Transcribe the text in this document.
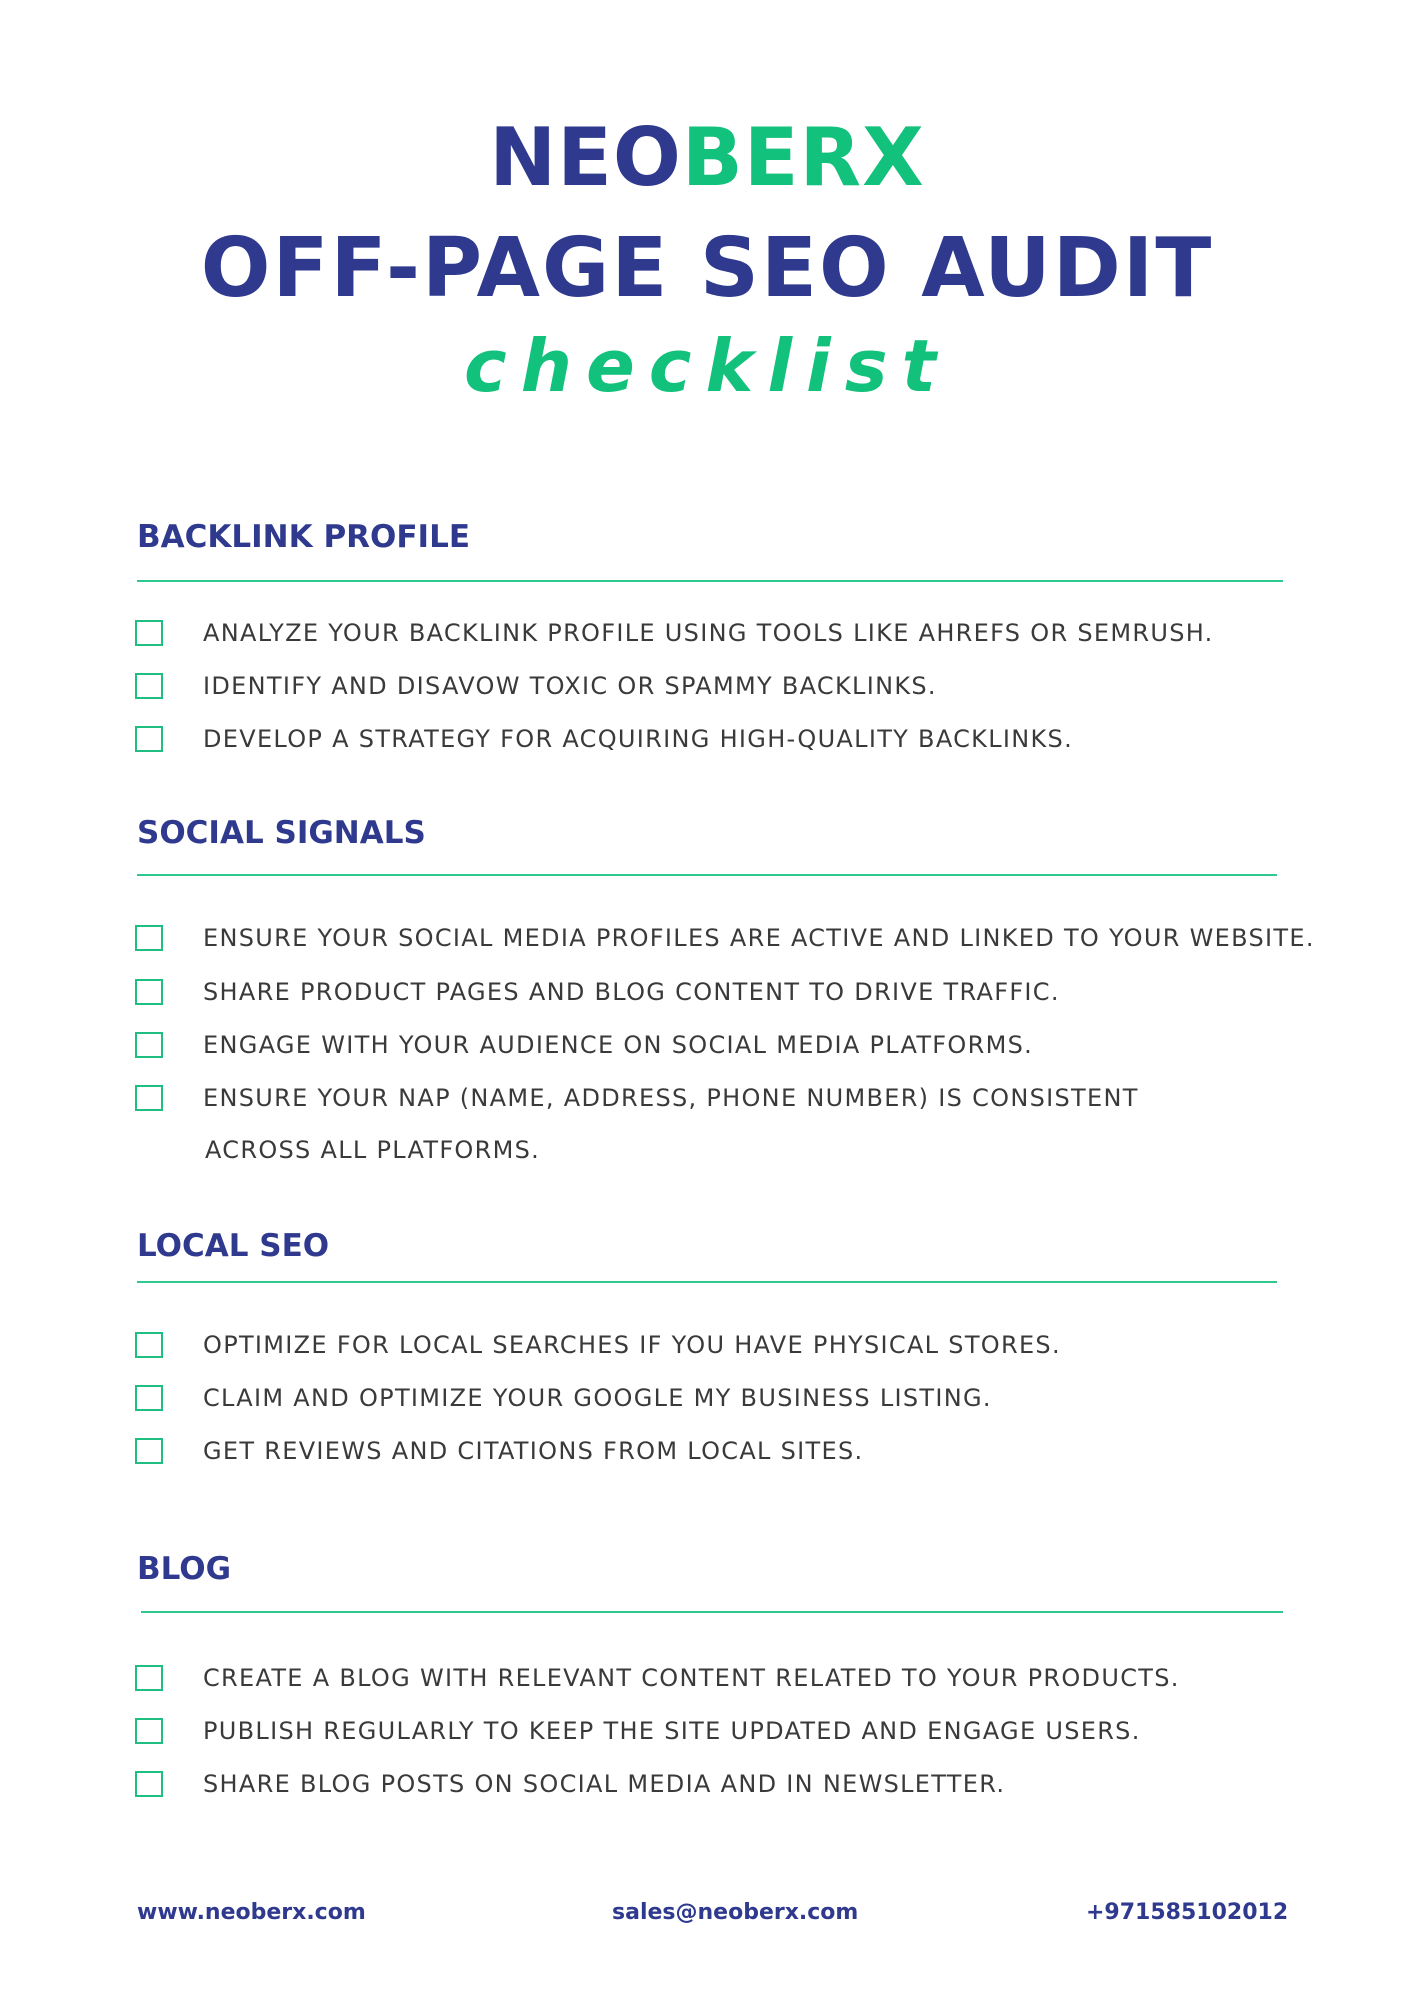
NEOBERX
OFF-PAGE SEO AUDIT
checklist
BACKLINK PROFILE
ANALYZE YOUR BACKLINK PROFILE USING TOOLS LIKE AHREFS OR SEMRUSH.
IDENTIFY AND DISAVOW TOXIC OR SPAMMY BACKLINKS.
DEVELOP A STRATEGY FOR ACQUIRING HIGH-QUALITY BACKLINKS.
SOCIAL SIGNALS
ENSURE YOUR SOCIAL MEDIA PROFILES ARE ACTIVE AND LINKED TO YOUR WEBSITE.
SHARE PRODUCT PAGES AND BLOG CONTENT TO DRIVE TRAFFIC.
ENGAGE WITH YOUR AUDIENCE ON SOCIAL MEDIA PLATFORMS.
ENSURE YOUR NAP (NAME, ADDRESS, PHONE NUMBER) IS CONSISTENT
ACROSS ALL PLATFORMS.
LOCAL SEO
OPTIMIZE FOR LOCAL SEARCHES IF YOU HAVE PHYSICAL STORES.
CLAIM AND OPTIMIZE YOUR GOOGLE MY BUSINESS LISTING.
GET REVIEWS AND CITATIONS FROM LOCAL SITES.
BLOG
CREATE A BLOG WITH RELEVANT CONTENT RELATED TO YOUR PRODUCTS.
PUBLISH REGULARLY TO KEEP THE SITE UPDATED AND ENGAGE USERS.
SHARE BLOG POSTS ON SOCIAL MEDIA AND IN NEWSLETTER.
www.neoberx.com	sales@neoberx.com	+971585102012
